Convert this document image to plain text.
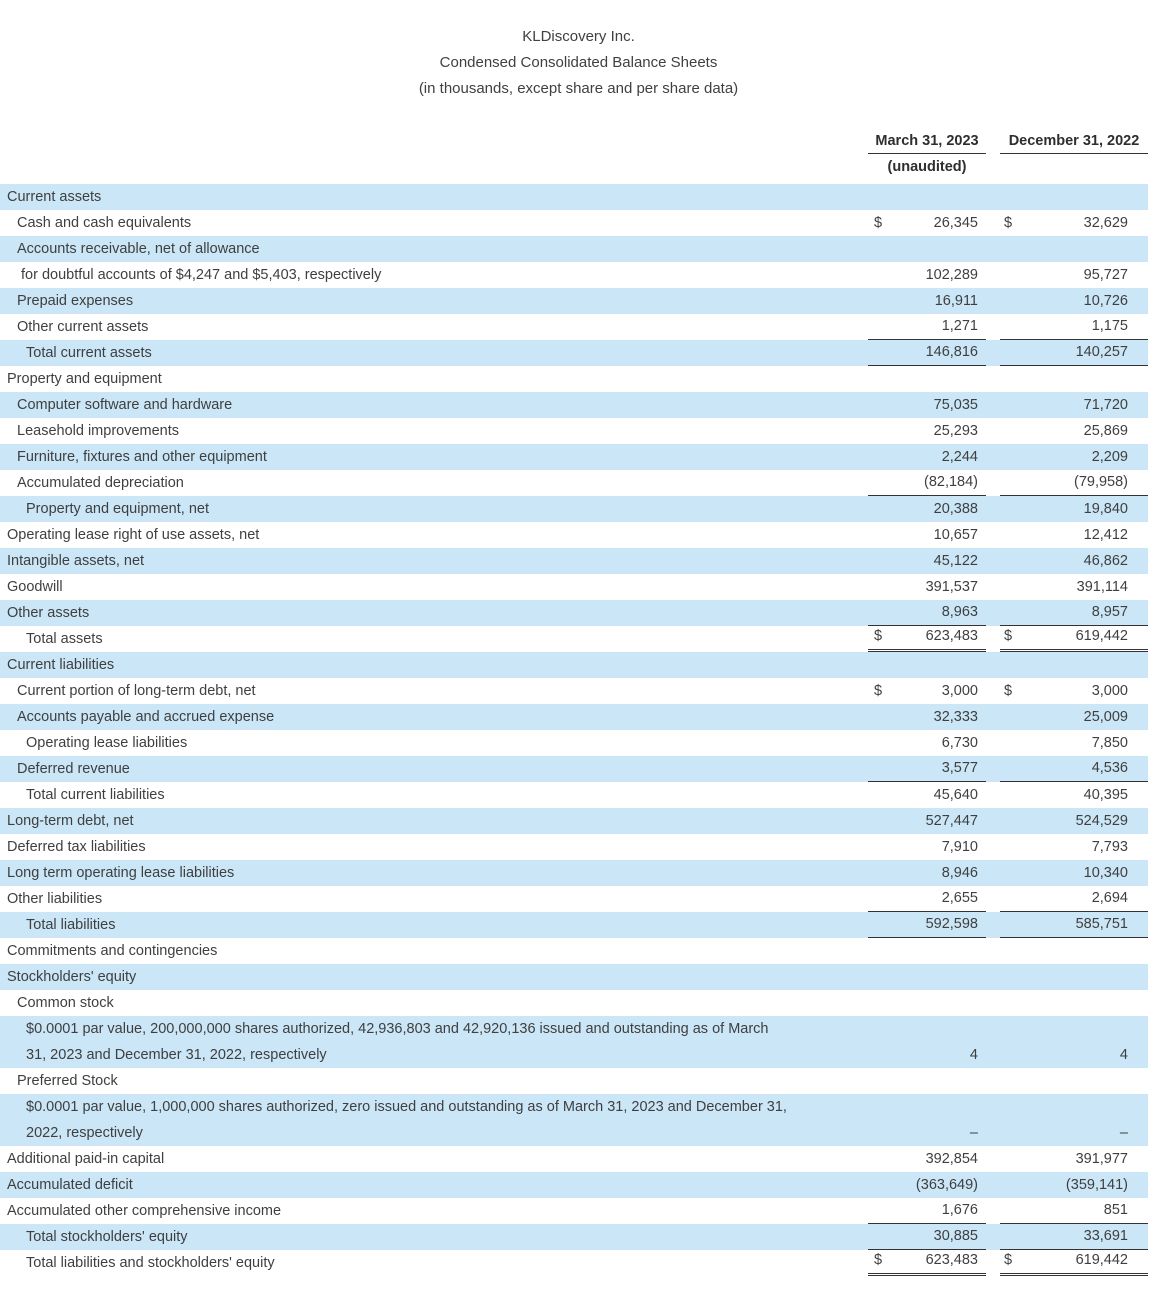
KLDiscovery Inc.
Condensed Consolidated Balance Sheets
(in thousands, except share and per share data)
March 31, 2023
(unaudited)
December 31, 2022
Current assets
Cash and cash equivalents	$	26,345 $	32,629
Accounts receivable, net of allowance
for doubtful accounts of $4,247 and $5,403, respectively	102,289	95,727
Prepaid expenses	16,911	10,726
Other current assets	1,271	1,175
Total current assets	146,816	140,257
Property and equipment
Computer software and hardware	75,035	71,720
Leasehold improvements	25,293	25,869
Furniture, fixtures and other equipment	2,244	2,209
Accumulated depreciation	(82,184)	(79,958)
Property and equipment, net	20,388	19,840
Operating lease right of use assets, net	10,657	12,412
Intangible assets, net	45,122	46,862
Goodwill	391,537	391,114
Other assets	8,963	8,957
Total assets	$	623,483 $	619,442
Current liabilities
Current portion of long-term debt, net	$	3,000 $	3,000
Accounts payable and accrued expense	32,333	25,009
Operating lease liabilities	6,730	7,850
Deferred revenue	3,577	4,536
Total current liabilities	45,640	40,395
Long-term debt, net	527,447	524,529
Deferred tax liabilities	7,910	7,793
Long term operating lease liabilities	8,946	10,340
Other liabilities	2,655	2,694
Total liabilities	592,598	585,751
Commitments and contingencies
Stockholders' equity
Common stock
$0.0001 par value, 200,000,000 shares authorized, 42,936,803 and 42,920,136 issued and outstanding as of March
31, 2023 and December 31, 2022, respectively	4	4
Preferred Stock
$0.0001 par value, 1,000,000 shares authorized, zero issued and outstanding as of March 31, 2023 and December 31,
2022, respectively	–	–
Additional paid-in capital	392,854	391,977
Accumulated deficit	(363,649)	(359,141)
Accumulated other comprehensive income	1,676	851
Total stockholders' equity	30,885	33,691
Total liabilities and stockholders' equity	$	623,483 $	619,442
